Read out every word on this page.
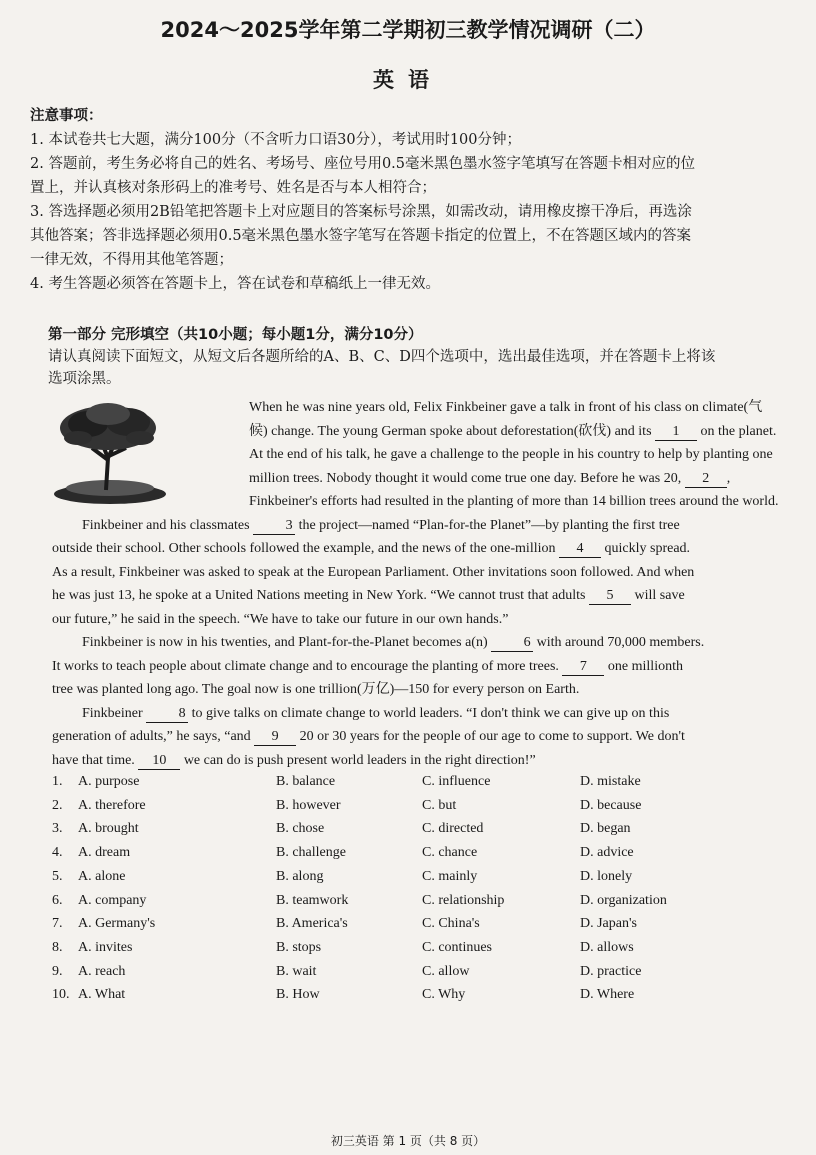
2024～2025学年第二学期初三教学情况调研（二）
英语
注意事项：
1. 本试卷共七大题，满分100分（不含听力口语30分），考试用时100分钟；
2. 答题前，考生务必将自己的姓名、考场号、座位号用0.5毫米黑色墨水签字笔填写在答题卡相对应的位
置上，并认真核对条形码上的准考号、姓名是否与本人相符合；
3. 答选择题必须用2B铅笔把答题卡上对应题目的答案标号涂黑，如需改动，请用橡皮擦干净后，再选涂
其他答案；答非选择题必须用0.5毫米黑色墨水签字笔写在答题卡指定的位置上，不在答题区域内的答案
一律无效，不得用其他笔答题；
4. 考生答题必须答在答题卡上，答在试卷和草稿纸上一律无效。
第一部分 完形填空（共10小题；每小题1分，满分10分）
请认真阅读下面短文，从短文后各题所给的A、B、C、D四个选项中，选出最佳选项，并在答题卡上将该
选项涂黑。
When he was nine years old, Felix Finkbeiner gave a talk in front of his class on climate(气
候) change. The young German spoke about deforestation(砍伐) and its 1 on the planet.
At the end of his talk, he gave a challenge to the people in his country to help by planting one
million trees. Nobody thought it would come true one day. Before he was 20, 2 ,
Finkbeiner's efforts had resulted in the planting of more than 14 billion trees around the world.
Finkbeiner and his classmates 3 the project—named “Plan-for-the Planet”—by planting the first tree
outside their school. Other schools followed the example, and the news of the one-million 4 quickly spread.
As a result, Finkbeiner was asked to speak at the European Parliament. Other invitations soon followed. And when
he was just 13, he spoke at a United Nations meeting in New York. “We cannot trust that adults 5 will save
our future,” he said in the speech. “We have to take our future in our own hands.”
Finkbeiner is now in his twenties, and Plant-for-the-Planet becomes a(n) 6 with around 70,000 members.
It works to teach people about climate change and to encourage the planting of more trees. 7 one millionth
tree was planted long ago. The goal now is one trillion(万亿)—150 for every person on Earth.
Finkbeiner 8 to give talks on climate change to world leaders. “I don't think we can give up on this
generation of adults,” he says, “and 9 20 or 30 years for the people of our age to come to support. We don't
have that time. 10 we can do is push present world leaders in the right direction!”
1.	A. purpose	B. balance	C. influence	D. mistake
2.	A. therefore	B. however	C. but	D. because
3.	A. brought	B. chose	C. directed	D. began
4.	A. dream	B. challenge	C. chance	D. advice
5.	A. alone	B. along	C. mainly	D. lonely
6.	A. company	B. teamwork	C. relationship	D. organization
7.	A. Germany's	B. America's	C. China's	D. Japan's
8.	A. invites	B. stops	C. continues	D. allows
9.	A. reach	B. wait	C. allow	D. practice
10. A. What	B. How	C. Why	D. Where
初三英语 第 1 页（共 8 页）
